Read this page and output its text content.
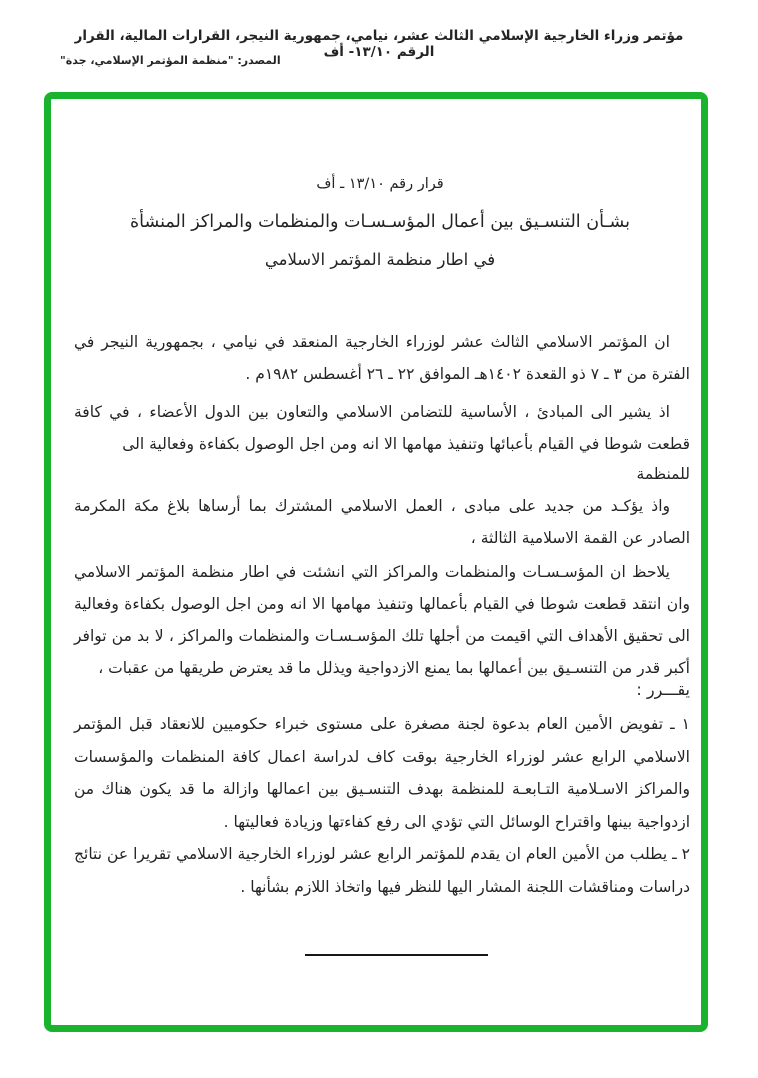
مؤتمر وزراء الخارجية الإسلامي الثالث عشر، نيامي، جمهورية النيجر، القرارات المالية، القرار الرقم ١٣/١٠- أف
المصدر: "منظمة المؤتمر الإسلامي، جدة"
قرار رقم ١٣/١٠ ـ أف
بشـأن التنسـيق بين أعمال المؤسـسـات والمنظمات والمراكز المنشأة
في اطار منظمة المؤتمر الاسلامي
ان المؤتمر الاسلامي الثالث عشر لوزراء الخارجية المنعقد في نيامي ، بجمهورية النيجر في الفترة من ٣ ـ ٧ ذو القعدة ١٤٠٢هـ الموافق ٢٢ ـ ٢٦ أغسطس ١٩٨٢م .
اذ يشير الى المبادئ ، الأساسية للتضامن الاسلامي والتعاون بين الدول الأعضاء ، في كافة قطعت شوطا في القيام بأعبائها وتنفيذ مهامها الا انه ومن اجل الوصول بكفاءة وفعالية الى
للمنظمة
واذ يؤكـد من جديد على مبادى ، العمل الاسلامي المشترك بما أرساها بلاغ مكة المكرمة الصادر عن القمة الاسلامية الثالثة ،
يلاحظ ان المؤسـسـات والمنظمات والمراكز التي انشئت في اطار منظمة المؤتمر الاسلامي وان انتقد قطعت شوطا في القيام بأعمالها وتنفيذ مهامها الا انه ومن اجل الوصول بكفاءة وفعالية الى تحقيق الأهداف التي اقيمت من أجلها تلك المؤسـسـات والمنظمات والمراكز ، لا بد من توافر أكبر قدر من التنسـيق بين أعمالها بما يمنع الازدواجية ويذلل ما قد يعترض طريقها من عقبات ،
يقـــرر :
١ ـ تفويض الأمين العام بدعوة لجنة مصغرة على مستوى خبراء حكوميين للانعقاد قبل المؤتمر الاسلامي الرابع عشر لوزراء الخارجية بوقت كاف لدراسة اعمال كافة المنظمات والمؤسسات والمراكز الاسـلامية التـابعـة للمنظمة بهدف التنسـيق بين اعمالها وازالة ما قد يكون هناك من ازدواجية بينها واقتراح الوسائل التي تؤدي الى رفع كفاءتها وزيادة فعاليتها .
٢ ـ يطلب من الأمين العام ان يقدم للمؤتمر الرابع عشر لوزراء الخارجية الاسلامي تقريرا عن نتائج دراسات ومناقشات اللجنة المشار اليها للنظر فيها واتخاذ اللازم بشأنها .
